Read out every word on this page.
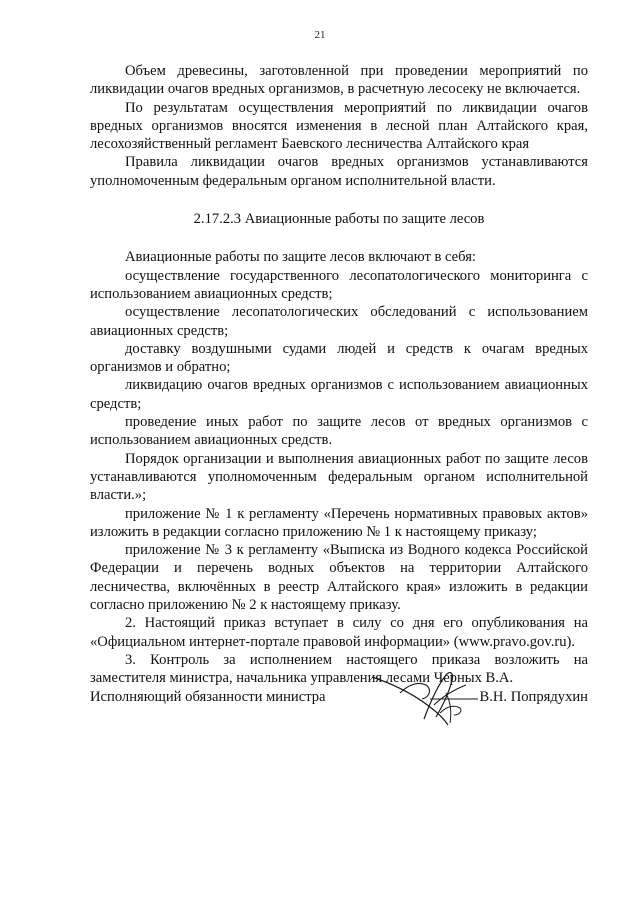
21

Объем древесины, заготовленной при проведении мероприятий по ликвидации очагов вредных организмов, в расчетную лесосеку не включается.

По результатам осуществления мероприятий по ликвидации очагов вредных организмов вносятся изменения в лесной план Алтайского края, лесохозяйственный регламент Баевского лесничества Алтайского края

Правила ликвидации очагов вредных организмов устанавливаются уполномоченным федеральным органом исполнительной власти.

2.17.2.3 Авиационные работы по защите лесов

Авиационные работы по защите лесов включают в себя:

осуществление государственного лесопатологического мониторинга с использованием авиационных средств;

осуществление лесопатологических обследований с использованием авиационных средств;

доставку воздушными судами людей и средств к очагам вредных организмов и обратно;

ликвидацию очагов вредных организмов с использованием авиационных средств;

проведение иных работ по защите лесов от вредных организмов с использованием авиационных средств.

Порядок организации и выполнения авиационных работ по защите лесов устанавливаются уполномоченным федеральным органом исполнительной власти.»;

приложение № 1 к регламенту «Перечень нормативных правовых актов» изложить в редакции согласно приложению № 1 к настоящему приказу;

приложение № 3 к регламенту «Выписка из Водного кодекса Российской Федерации и перечень водных объектов на территории Алтайского лесничества, включённых в реестр Алтайского края» изложить в редакции согласно приложению № 2 к настоящему приказу.

2. Настоящий приказ вступает в силу со дня его опубликования на «Официальном интернет-портале правовой информации» (www.pravo.gov.ru).

3. Контроль за исполнением настоящего приказа возложить на заместителя министра, начальника управления лесами Черных В.А.

Исполняющий обязанности министра	В.Н. Попрядухин
